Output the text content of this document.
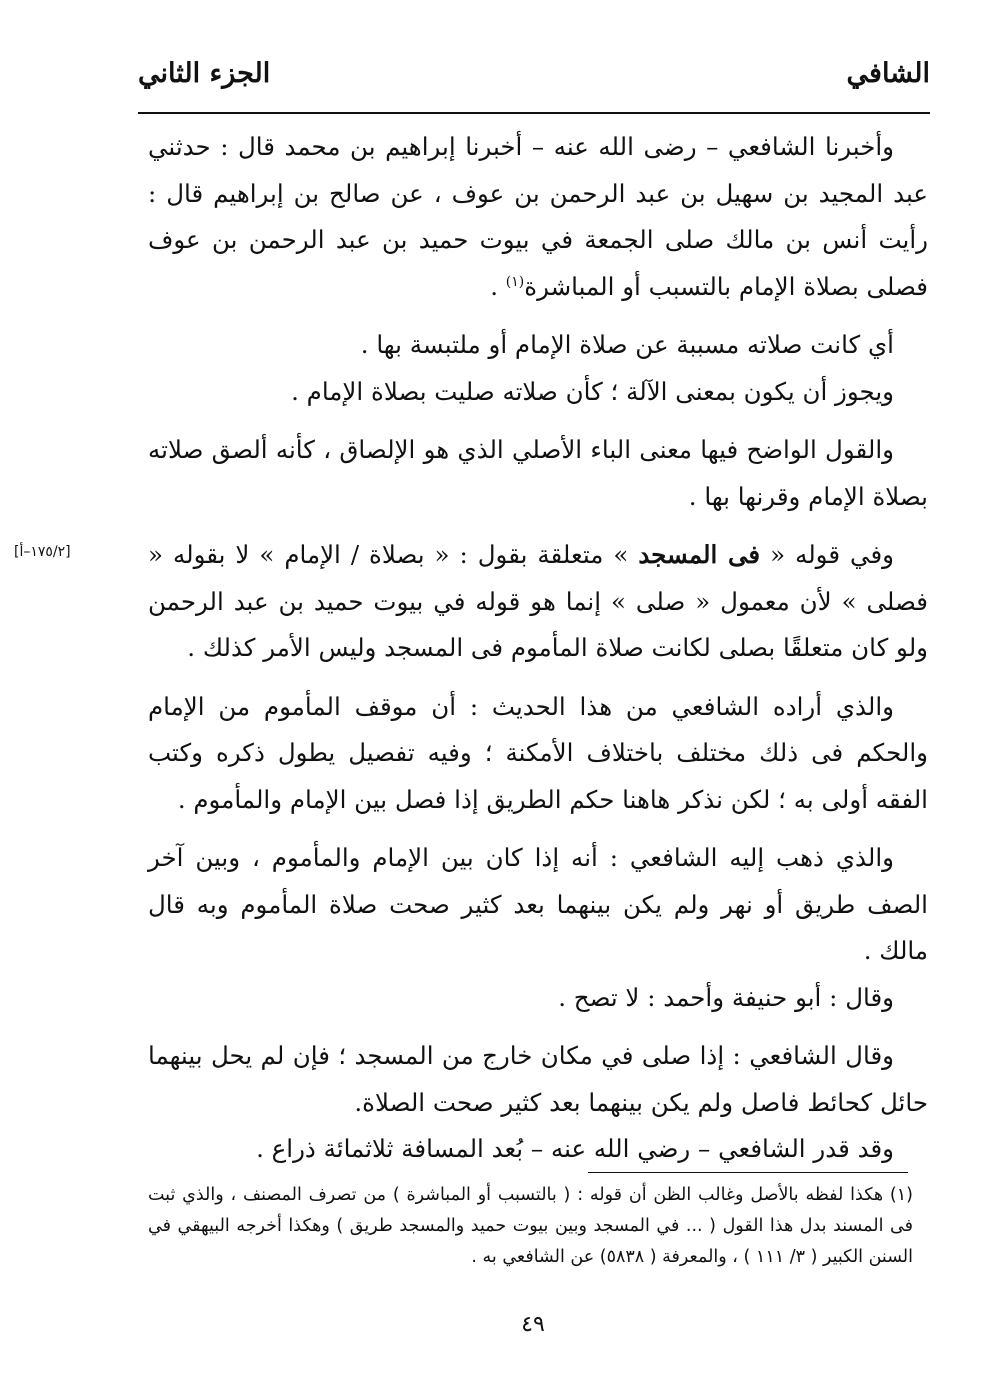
الشافي
الجزء الثاني

وأخبرنا الشافعي – رضى الله عنه – أخبرنا إبراهيم بن محمد قال : حدثني عبد المجيد بن سهيل بن عبد الرحمن بن عوف ، عن صالح بن إبراهيم قال : رأيت أنس بن مالك صلى الجمعة في بيوت حميد بن عبد الرحمن بن عوف فصلى بصلاة الإمام بالتسبب أو المباشرة$^{(١)}$ .

أي كانت صلاته مسببة عن صلاة الإمام أو ملتبسة بها .

ويجوز أن يكون بمعنى الآلة ؛ كأن صلاته صليت بصلاة الإمام .

والقول الواضح فيها معنى الباء الأصلي الذي هو الإلصاق ، كأنه ألصق صلاته بصلاة الإمام وقرنها بها .

وفي قوله « فى المسجد » متعلقة بقول : « بصلاة / الإمام » لا بقوله « فصلى » لأن معمول « صلى » إنما هو قوله في بيوت حميد بن عبد الرحمن ولو كان متعلقًا بصلى لكانت صلاة المأموم فى المسجد وليس الأمر كذلك .

والذي أراده الشافعي من هذا الحديث : أن موقف المأموم من الإمام والحكم فى ذلك مختلف باختلاف الأمكنة ؛ وفيه تفصيل يطول ذكره وكتب الفقه أولى به ؛ لكن نذكر هاهنا حكم الطريق إذا فصل بين الإمام والمأموم .

والذي ذهب إليه الشافعي : أنه إذا كان بين الإمام والمأموم ، وبين آخر الصف طريق أو نهر ولم يكن بينهما بعد كثير صحت صلاة المأموم وبه قال مالك .

وقال : أبو حنيفة وأحمد : لا تصح .

وقال الشافعي : إذا صلى في مكان خارج من المسجد ؛ فإن لم يحل بينهما حائل كحائط فاصل ولم يكن بينهما بعد كثير صحت الصلاة.

وقد قدر الشافعي – رضي الله عنه – بُعد المسافة ثلاثمائة ذراع .

[١٧٥/٢–أ]
(١) هكذا لفظه بالأصل وغالب الظن أن قوله : ( بالتسبب أو المباشرة ) من تصرف المصنف ، والذي ثبت فى المسند بدل هذا القول ( ... في المسجد وبين بيوت حميد والمسجد طريق ) وهكذا أخرجه البيهقي في السنن الكبير ( ٣/ ١١١ ) ، والمعرفة ( ٥٨٣٨) عن الشافعي به .
٤٩
